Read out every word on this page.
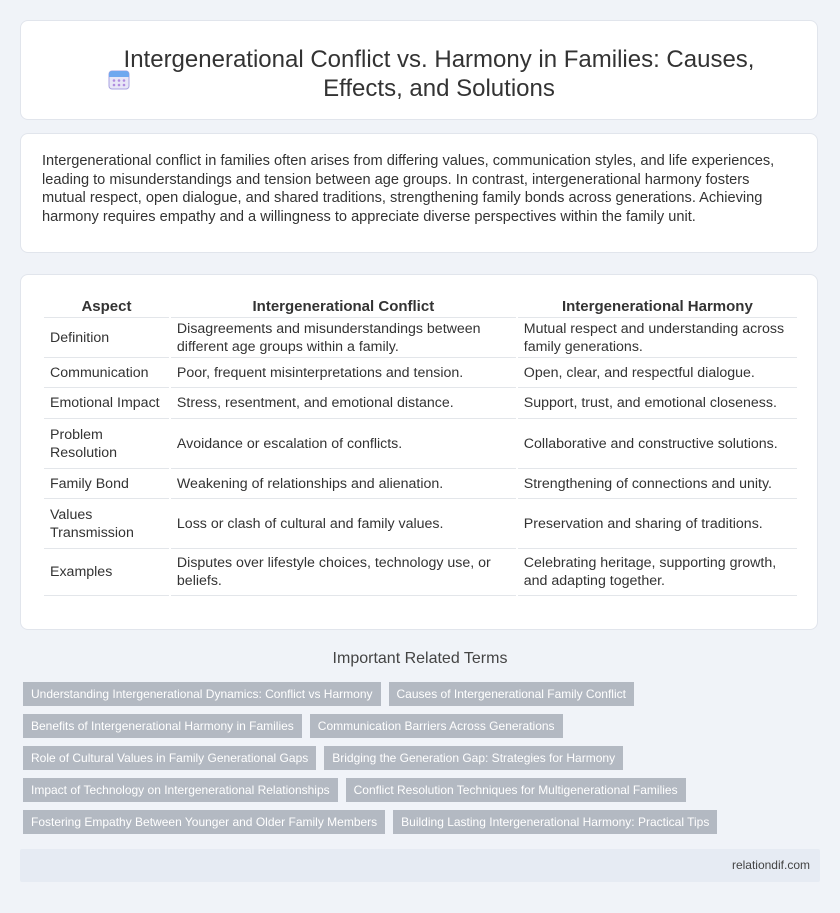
Intergenerational Conflict vs. Harmony in Families: Causes, Effects, and Solutions

Intergenerational conflict in families often arises from differing values, communication styles, and life experiences, leading to misunderstandings and tension between age groups. In contrast, intergenerational harmony fosters mutual respect, open dialogue, and shared traditions, strengthening family bonds across generations. Achieving harmony requires empathy and a willingness to appreciate diverse perspectives within the family unit.

Aspect	Intergenerational Conflict	Intergenerational Harmony
Definition	Disagreements and misunderstandings between different age groups within a family.	Mutual respect and understanding across family generations.
Communication	Poor, frequent misinterpretations and tension.	Open, clear, and respectful dialogue.
Emotional Impact	Stress, resentment, and emotional distance.	Support, trust, and emotional closeness.
Problem Resolution	Avoidance or escalation of conflicts.	Collaborative and constructive solutions.
Family Bond	Weakening of relationships and alienation.	Strengthening of connections and unity.
Values Transmission	Loss or clash of cultural and family values.	Preservation and sharing of traditions.
Examples	Disputes over lifestyle choices, technology use, or beliefs.	Celebrating heritage, supporting growth, and adapting together.
Important Related Terms
Understanding Intergenerational Dynamics: Conflict vs Harmony	Causes of Intergenerational Family Conflict
Benefits of Intergenerational Harmony in Families	Communication Barriers Across Generations
Role of Cultural Values in Family Generational Gaps	Bridging the Generation Gap: Strategies for Harmony
Impact of Technology on Intergenerational Relationships	Conflict Resolution Techniques for Multigenerational Families
Fostering Empathy Between Younger and Older Family Members	Building Lasting Intergenerational Harmony: Practical Tips
relationdif.com
